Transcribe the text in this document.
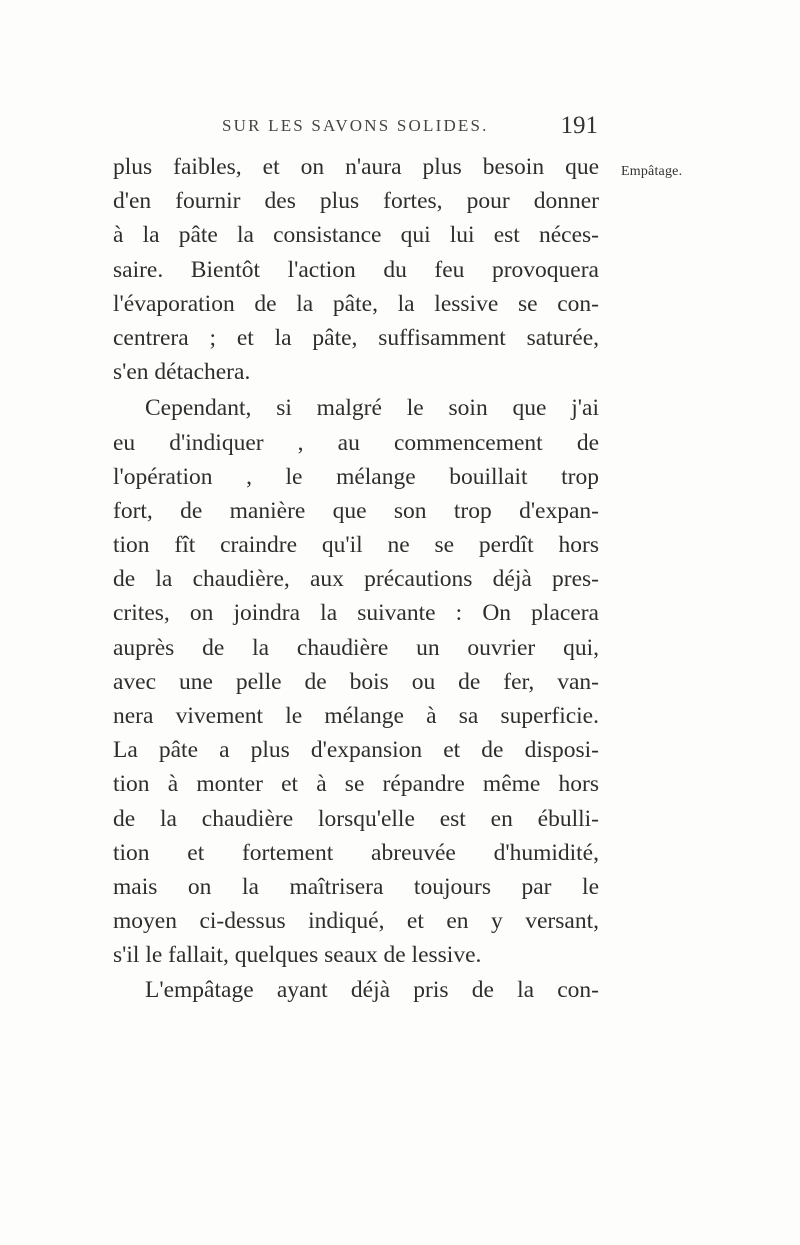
SUR LES SAVONS SOLIDES.	191
Empâtage.
plus faibles, et on n'aura plus besoin que
d'en fournir des plus fortes, pour donner
à la pâte la consistance qui lui est néces-
saire. Bientôt l'action du feu provoquera
l'évaporation de la pâte, la lessive se con-
centrera ; et la pâte, suffisamment saturée,
s'en détachera.
Cependant, si malgré le soin que j'ai
eu d'indiquer , au commencement de
l'opération , le mélange bouillait trop
fort, de manière que son trop d'expan-
tion fît craindre qu'il ne se perdît hors
de la chaudière, aux précautions déjà pres-
crites, on joindra la suivante : On placera
auprès de la chaudière un ouvrier qui,
avec une pelle de bois ou de fer, van-
nera vivement le mélange à sa superficie.
La pâte a plus d'expansion et de disposi-
tion à monter et à se répandre même hors
de la chaudière lorsqu'elle est en ébulli-
tion et fortement abreuvée d'humidité,
mais on la maîtrisera toujours par le
moyen ci-dessus indiqué, et en y versant,
s'il le fallait, quelques seaux de lessive.
L'empâtage ayant déjà pris de la con-
